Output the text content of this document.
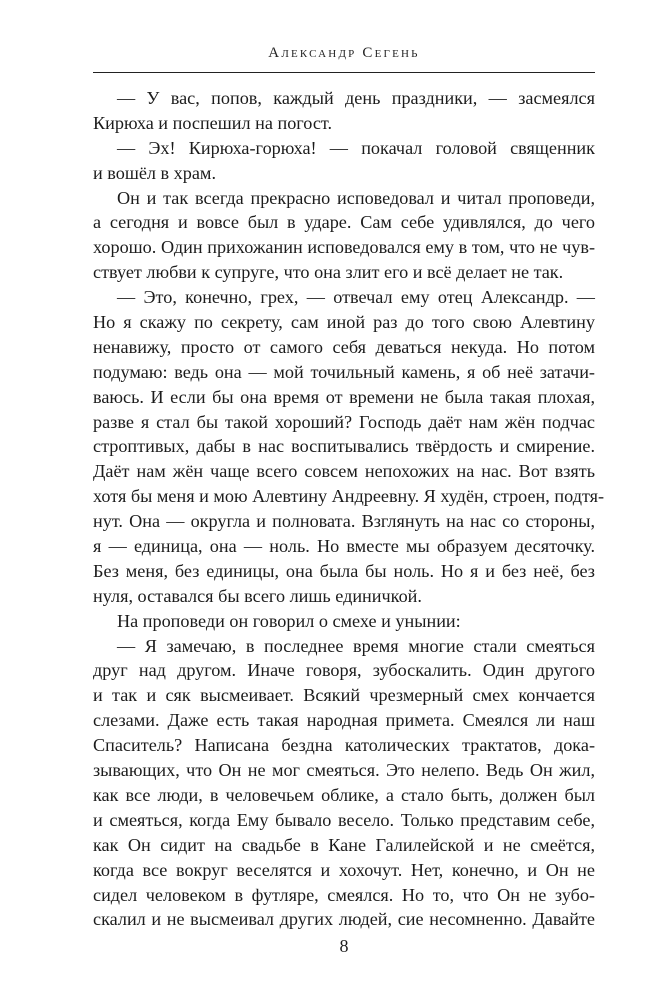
Александр Сегень
— У вас, попов, каждый день праздники, — засмеялся
Кирюха и поспешил на погост.
— Эх! Кирюха-горюха! — покачал головой священник
и вошёл в храм.
Он и так всегда прекрасно исповедовал и читал проповеди,
а сегодня и вовсе был в ударе. Сам себе удивлялся, до чего
хорошо. Один прихожанин исповедовался ему в том, что не чув-
ствует любви к супруге, что она злит его и всё делает не так.
— Это, конечно, грех, — отвечал ему отец Александр. —
Но я скажу по секрету, сам иной раз до того свою Алевтину
ненавижу, просто от самого себя деваться некуда. Но потом
подумаю: ведь она — мой точильный камень, я об неё затачи-
ваюсь. И если бы она время от времени не была такая плохая,
разве я стал бы такой хороший? Господь даёт нам жён подчас
строптивых, дабы в нас воспитывались твёрдость и смирение.
Даёт нам жён чаще всего совсем непохожих на нас. Вот взять
хотя бы меня и мою Алевтину Андреевну. Я худён, строен, подтя-
нут. Она — округла и полновата. Взглянуть на нас со стороны,
я — единица, она — ноль. Но вместе мы образуем десяточку.
Без меня, без единицы, она была бы ноль. Но я и без неё, без
нуля, оставался бы всего лишь единичкой.
На проповеди он говорил о смехе и унынии:
— Я замечаю, в последнее время многие стали смеяться
друг над другом. Иначе говоря, зубоскалить. Один другого
и так и сяк высмеивает. Всякий чрезмерный смех кончается
слезами. Даже есть такая народная примета. Смеялся ли наш
Спаситель? Написана бездна католических трактатов, дока-
зывающих, что Он не мог смеяться. Это нелепо. Ведь Он жил,
как все люди, в человечьем облике, а стало быть, должен был
и смеяться, когда Ему бывало весело. Только представим себе,
как Он сидит на свадьбе в Кане Галилейской и не смеётся,
когда все вокруг веселятся и хохочут. Нет, конечно, и Он не
сидел человеком в футляре, смеялся. Но то, что Он не зубо-
скалил и не высмеивал других людей, сие несомненно. Давайте
8
